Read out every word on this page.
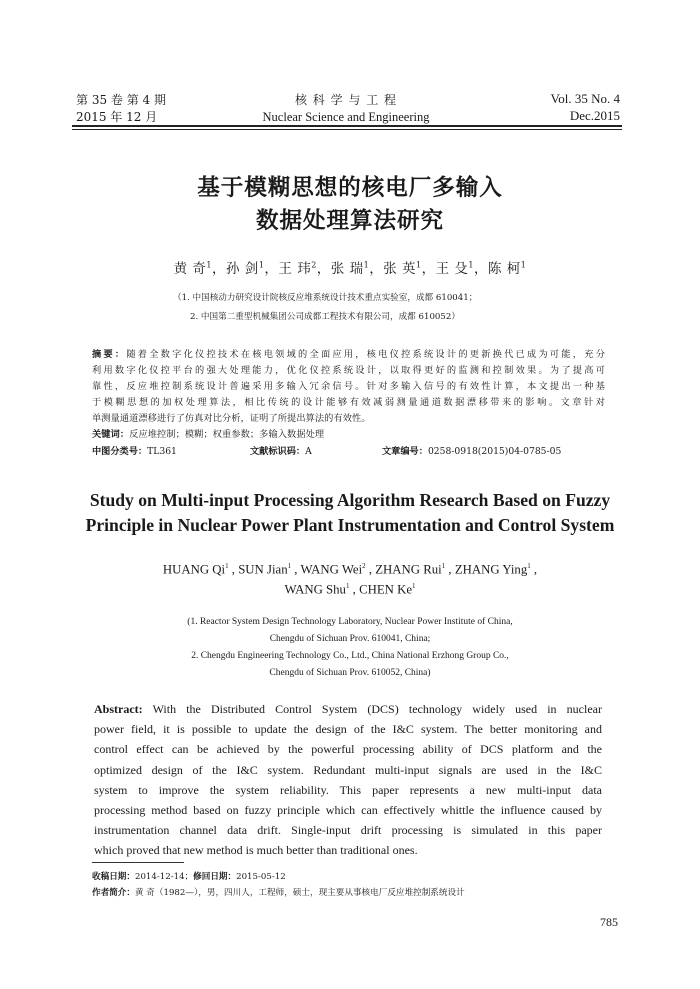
第 35 卷 第 4 期
2015 年 12 月
核 科 学 与 工 程
Nuclear Science and Engineering
Vol. 35 No. 4
Dec.2015
基于模糊思想的核电厂多输入
数据处理算法研究
黄 奇$^1$，孙 剑$^1$，王 玮$^2$，张 瑞$^1$，张 英$^1$，王 殳$^1$，陈 柯$^1$
（1. 中国核动力研究设计院核反应堆系统设计技术重点实验室，成都 610041；
2. 中国第二重型机械集团公司成都工程技术有限公司，成都 610052）
摘要：随着全数字化仪控技术在核电领域的全面应用，核电仪控系统设计的更新换代已成为可能，充分
利用数字化仪控平台的强大处理能力，优化仪控系统设计，以取得更好的监测和控制效果。为了提高可
靠性，反应堆控制系统设计普遍采用多输入冗余信号。针对多输入信号的有效性计算，本文提出一种基
于模糊思想的加权处理算法，相比传统的设计能够有效减弱测量通道数据漂移带来的影响。文章针对
单测量通道漂移进行了仿真对比分析，证明了所提出算法的有效性。
关键词：反应堆控制；模糊；权重参数；多输入数据处理
中图分类号：TL361	文献标识码：A	文章编号：0258-0918(2015)04-0785-05
Study on Multi-input Processing Algorithm Research Based on Fuzzy
Principle in Nuclear Power Plant Instrumentation and Control System
HUANG Qi$^1$ , SUN Jian$^1$ , WANG Wei$^2$ , ZHANG Rui$^1$ , ZHANG Ying$^1$ ,
WANG Shu$^1$ , CHEN Ke$^1$
(1. Reactor System Design Technology Laboratory, Nuclear Power Institute of China,
Chengdu of Sichuan Prov. 610041, China;
2. Chengdu Engineering Technology Co., Ltd., China National Erzhong Group Co.,
Chengdu of Sichuan Prov. 610052, China)
Abstract: With the Distributed Control System (DCS) technology widely used in nuclear
power field, it is possible to update the design of the I&C system. The better monitoring and
control effect can be achieved by the powerful processing ability of DCS platform and the
optimized design of the I&C system. Redundant multi-input signals are used in the I&C
system to improve the system reliability. This paper represents a new multi-input data
processing method based on fuzzy principle which can effectively whittle the influence caused by
instrumentation channel data drift. Single-input drift processing is simulated in this paper
which proved that new method is much better than traditional ones.
收稿日期：2014-12-14；修回日期：2015-05-12
作者简介：黄 奇（1982—），男，四川人，工程师，硕士，现主要从事核电厂反应堆控制系统设计
785
